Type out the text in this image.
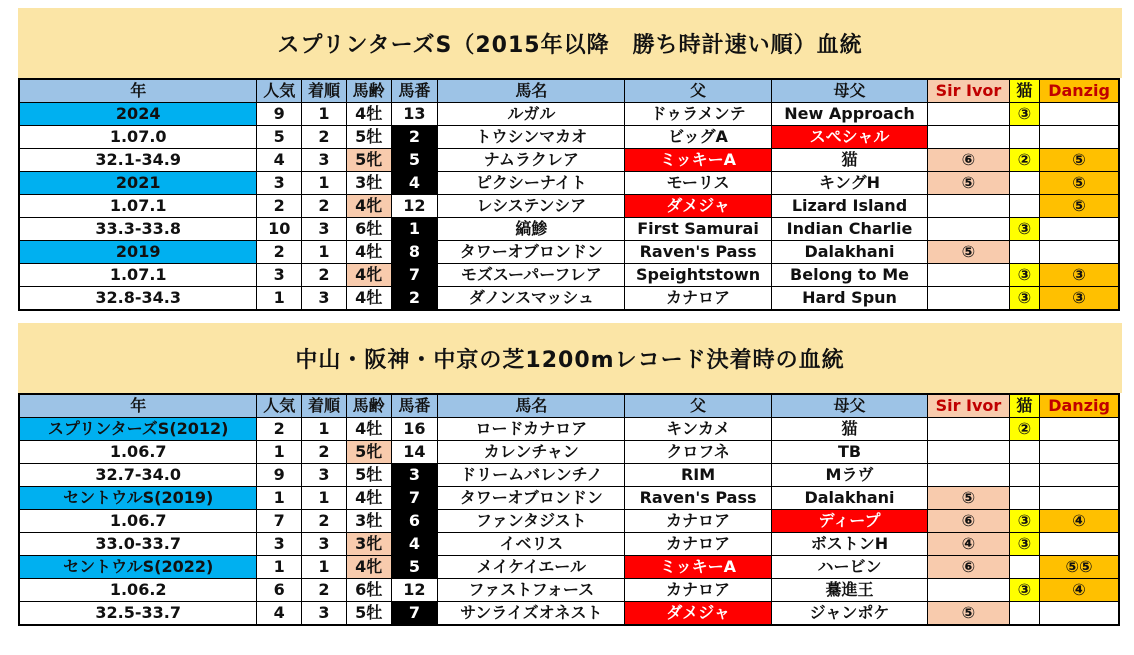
スプリンターズS（2015年以降　勝ち時計速い順）血統
年	人気	着順	馬齢	馬番	馬名	父	母父	Sir Ivor	猫	Danzig
2024	9	1	4牡	13	ルガル	ドゥラメンテ	New Approach		③	
1.07.0	5	2	5牡	2	トウシンマカオ	ビッグA	スペシャル			
32.1-34.9	4	3	5牝	5	ナムラクレア	ミッキーA	猫	⑥	②	⑤
2021	3	1	3牡	4	ピクシーナイト	モーリス	キングH	⑤		⑤
1.07.1	2	2	4牝	12	レシステンシア	ダメジャ	Lizard Island			⑤
33.3-33.8	10	3	6牡	1	縞鯵	First Samurai	Indian Charlie		③	
2019	2	1	4牡	8	タワーオブロンドン	Raven's Pass	Dalakhani	⑤		
1.07.1	3	2	4牝	7	モズスーパーフレア	Speightstown	Belong to Me		③	③
32.8-34.3	1	3	4牡	2	ダノンスマッシュ	カナロア	Hard Spun		③	③
中山・阪神・中京の芝1200mレコード決着時の血統
年	人気	着順	馬齢	馬番	馬名	父	母父	Sir Ivor	猫	Danzig
スプリンターズS(2012)	2	1	4牡	16	ロードカナロア	キンカメ	猫		②	
1.06.7	1	2	5牝	14	カレンチャン	クロフネ	TB			
32.7-34.0	9	3	5牡	3	ドリームバレンチノ	RIM	Mラヴ			
セントウルS(2019)	1	1	4牡	7	タワーオブロンドン	Raven's Pass	Dalakhani	⑤		
1.06.7	7	2	3牡	6	ファンタジスト	カナロア	ディープ	⑥	③	④
33.0-33.7	3	3	3牝	4	イベリス	カナロア	ボストンH	④	③	
セントウルS(2022)	1	1	4牝	5	メイケイエール	ミッキーA	ハービン	⑥		⑤⑤
1.06.2	6	2	6牡	12	ファストフォース	カナロア	驀進王		③	④
32.5-33.7	4	3	5牡	7	サンライズオネスト	ダメジャ	ジャンポケ	⑤		
